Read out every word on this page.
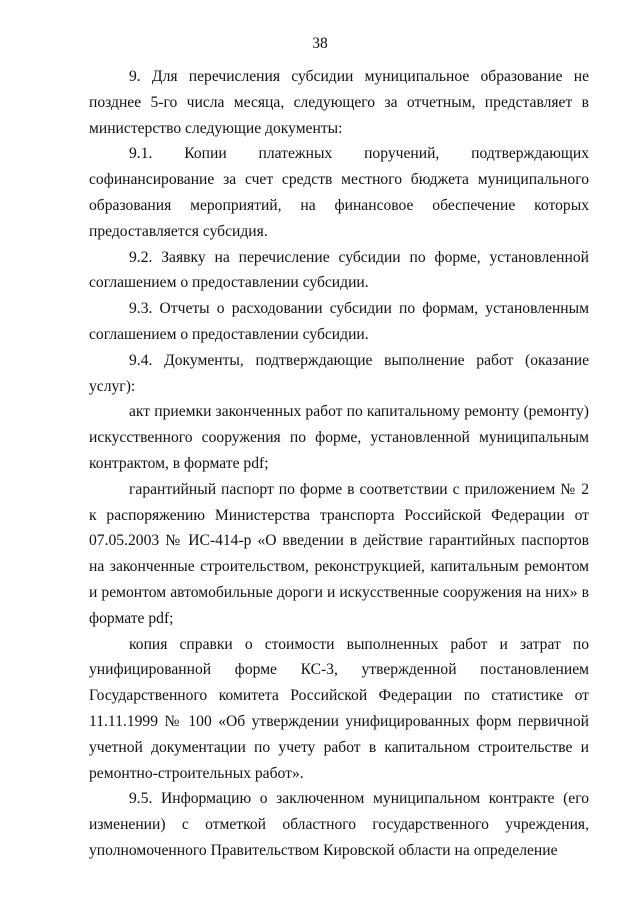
38

9. Для перечисления субсидии муниципальное образование не позднее 5-го числа месяца, следующего за отчетным, представляет в министерство следующие документы:

9.1. Копии платежных поручений, подтверждающих софинансирование за счет средств местного бюджета муниципального образования мероприятий, на финансовое обеспечение которых предоставляется субсидия.

9.2. Заявку на перечисление субсидии по форме, установленной соглашением о предоставлении субсидии.

9.3. Отчеты о расходовании субсидии по формам, установленным соглашением о предоставлении субсидии.

9.4. Документы, подтверждающие выполнение работ (оказание услуг):

акт приемки законченных работ по капитальному ремонту (ремонту) искусственного сооружения по форме, установленной муниципальным контрактом, в формате pdf;

гарантийный паспорт по форме в соответствии с приложением № 2 к распоряжению Министерства транспорта Российской Федерации от 07.05.2003 № ИС-414-р «О введении в действие гарантийных паспортов на законченные строительством, реконструкцией, капитальным ремонтом и ремонтом автомобильные дороги и искусственные сооружения на них» в формате pdf;

копия справки о стоимости выполненных работ и затрат по унифицированной форме КС-3, утвержденной постановлением Государственного комитета Российской Федерации по статистике от 11.11.1999 № 100 «Об утверждении унифицированных форм первичной учетной документации по учету работ в капитальном строительстве и ремонтно-строительных работ».

9.5. Информацию о заключенном муниципальном контракте (его изменении) с отметкой областного государственного учреждения, уполномоченного Правительством Кировской области на определение
